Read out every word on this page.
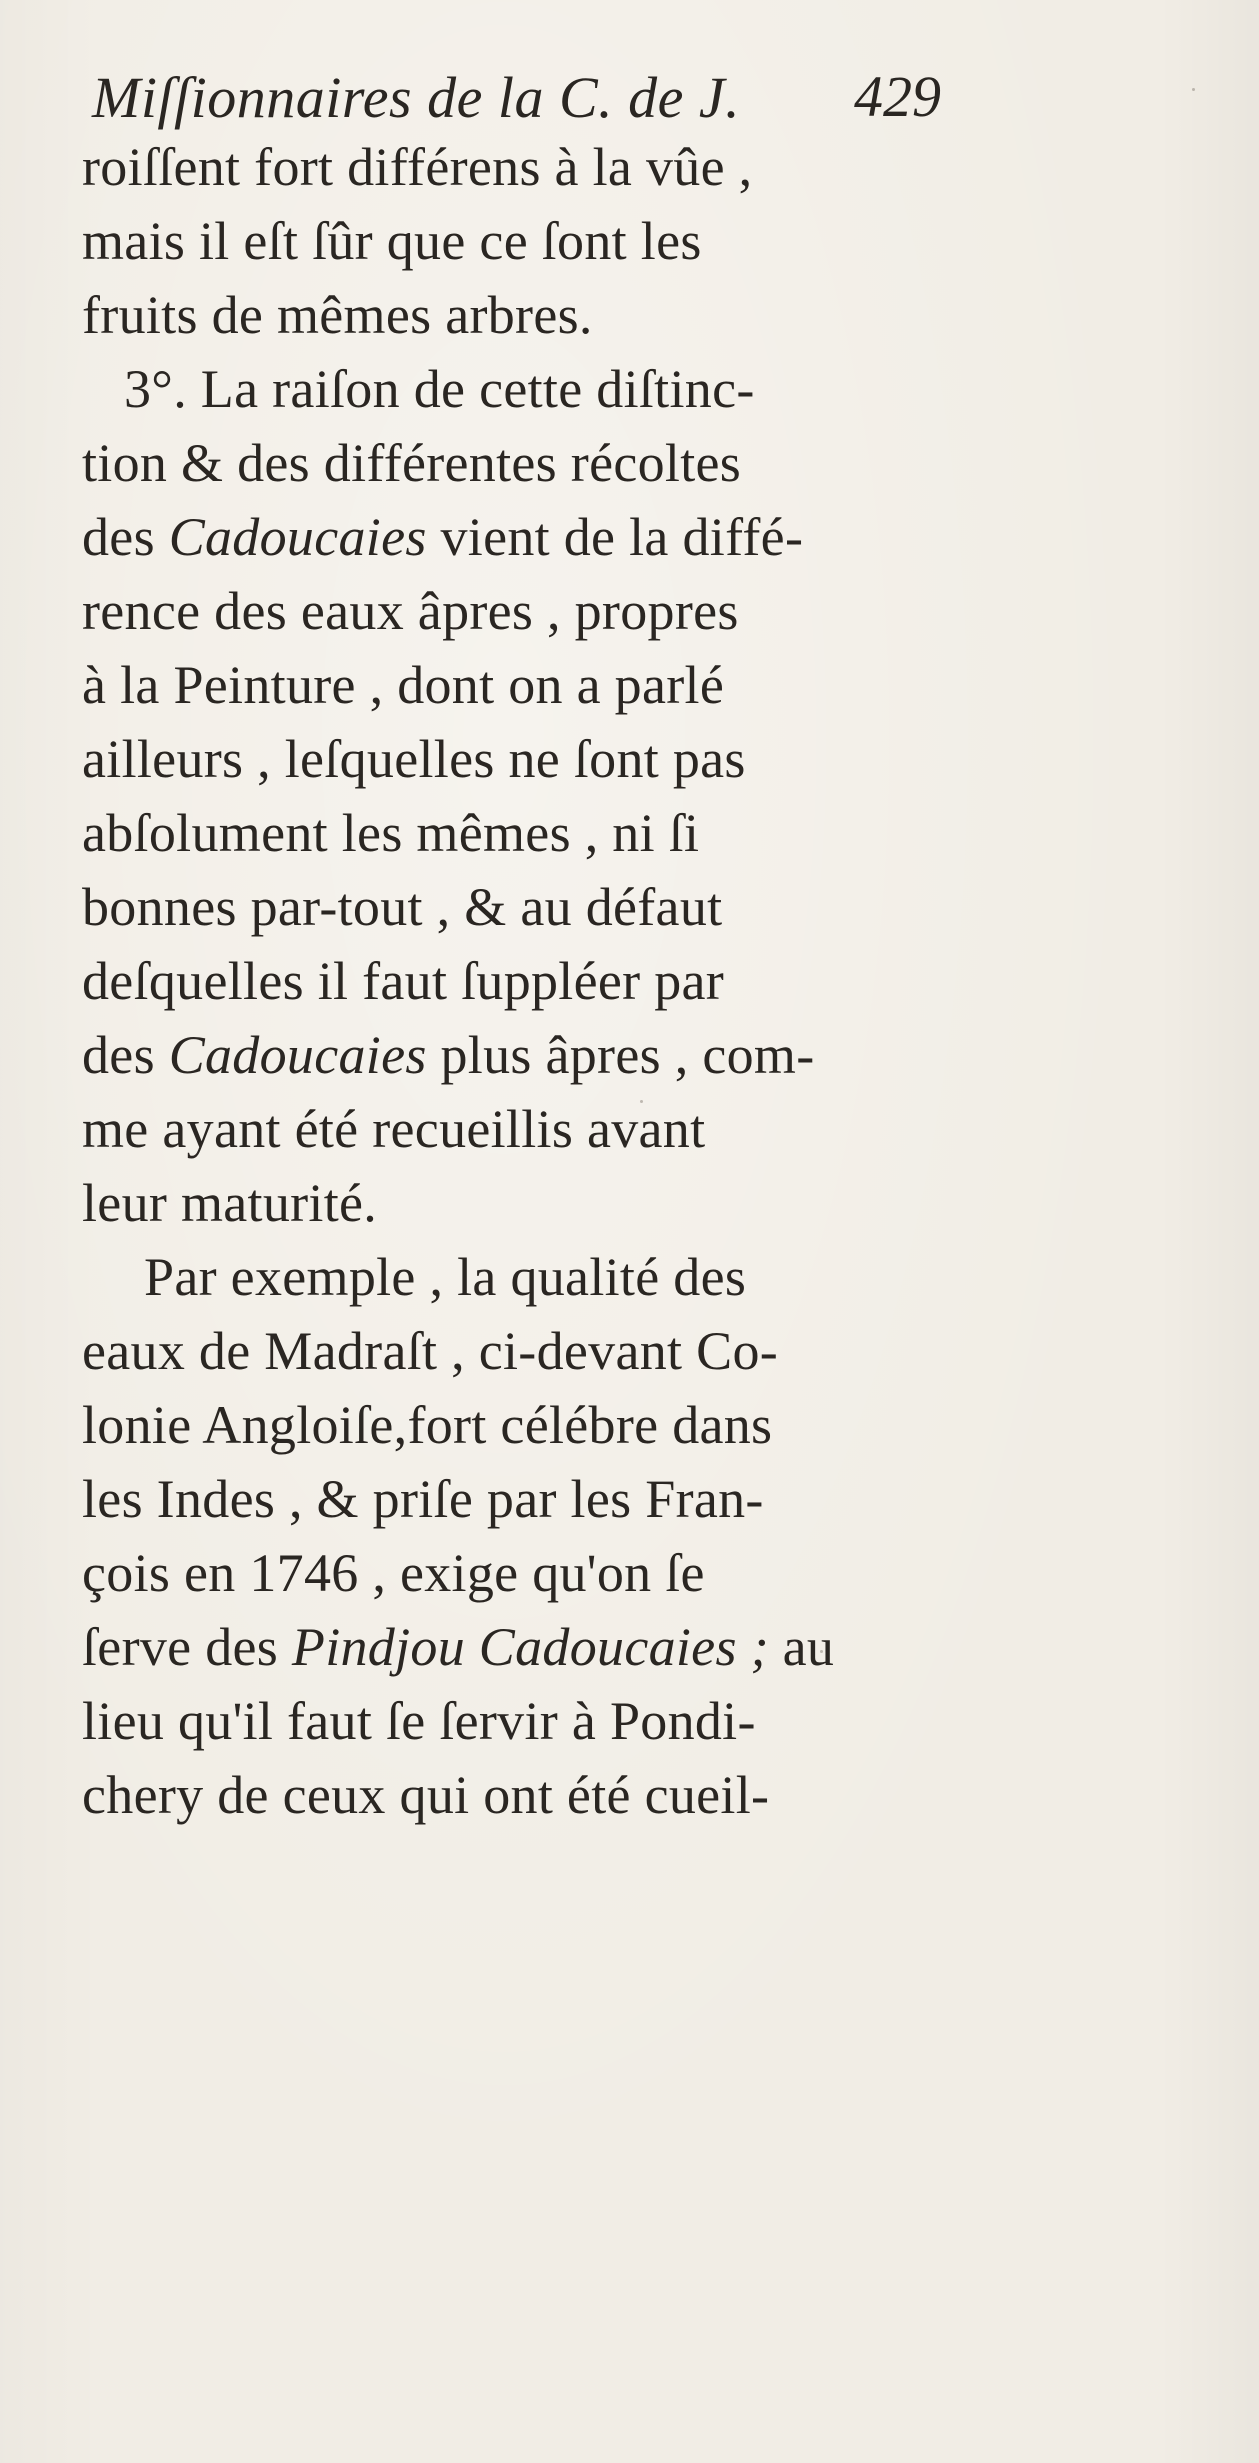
Miſſionnaires de la C. de J. 429
roiſſent fort différens à la vûe ,
mais il eſt ſûr que ce ſont les
fruits de mêmes arbres.
3°. La raiſon de cette diſtinc-
tion & des différentes récoltes
des Cadoucaies vient de la diffé-
rence des eaux âpres , propres
à la Peinture , dont on a parlé
ailleurs , leſquelles ne ſont pas
abſolument les mêmes , ni ſi
bonnes par-tout , & au défaut
deſquelles il faut ſuppléer par
des Cadoucaies plus âpres , com-
me ayant été recueillis avant
leur maturité.
Par exemple , la qualité des
eaux de Madraſt , ci-devant Co-
lonie Angloiſe,fort célébre dans
les Indes , & priſe par les Fran-
çois en 1746 , exige qu'on ſe
ſerve des Pindjou Cadoucaies ; au
lieu qu'il faut ſe ſervir à Pondi-
chery de ceux qui ont été cueil-
